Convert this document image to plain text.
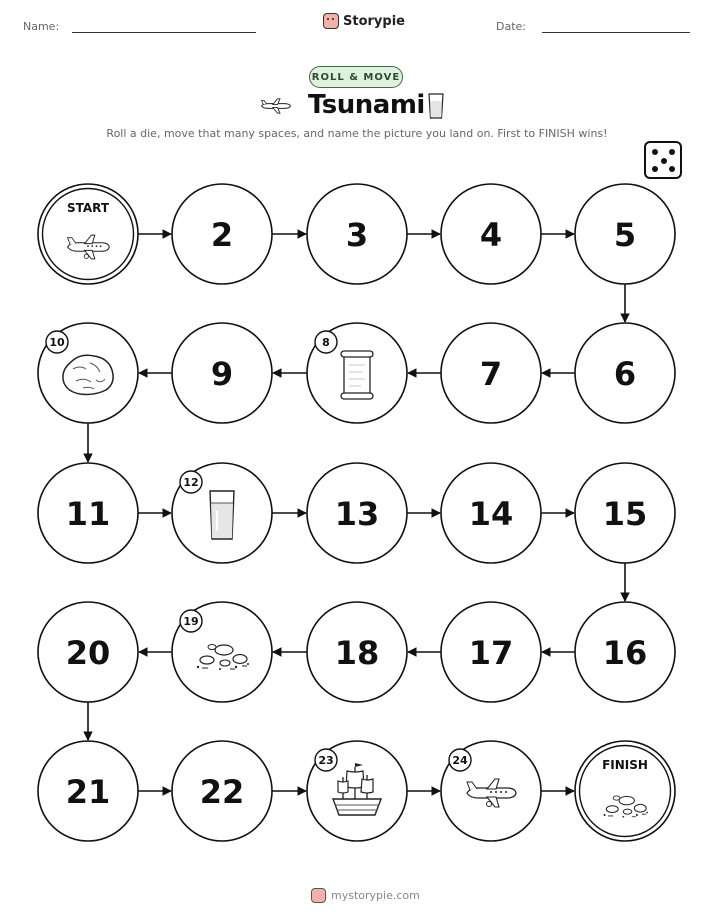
Name:	Storypie	Date:
ROLL & MOVE
Tsunami
Roll a die, move that many spaces, and name the picture you land on. First to FINISH wins!
START
2	3	4	5
6
7
8
9
10
11
12
13	14	15
16
17
18
19
20
21	22
23	24	FINISH
mystorypie.com
